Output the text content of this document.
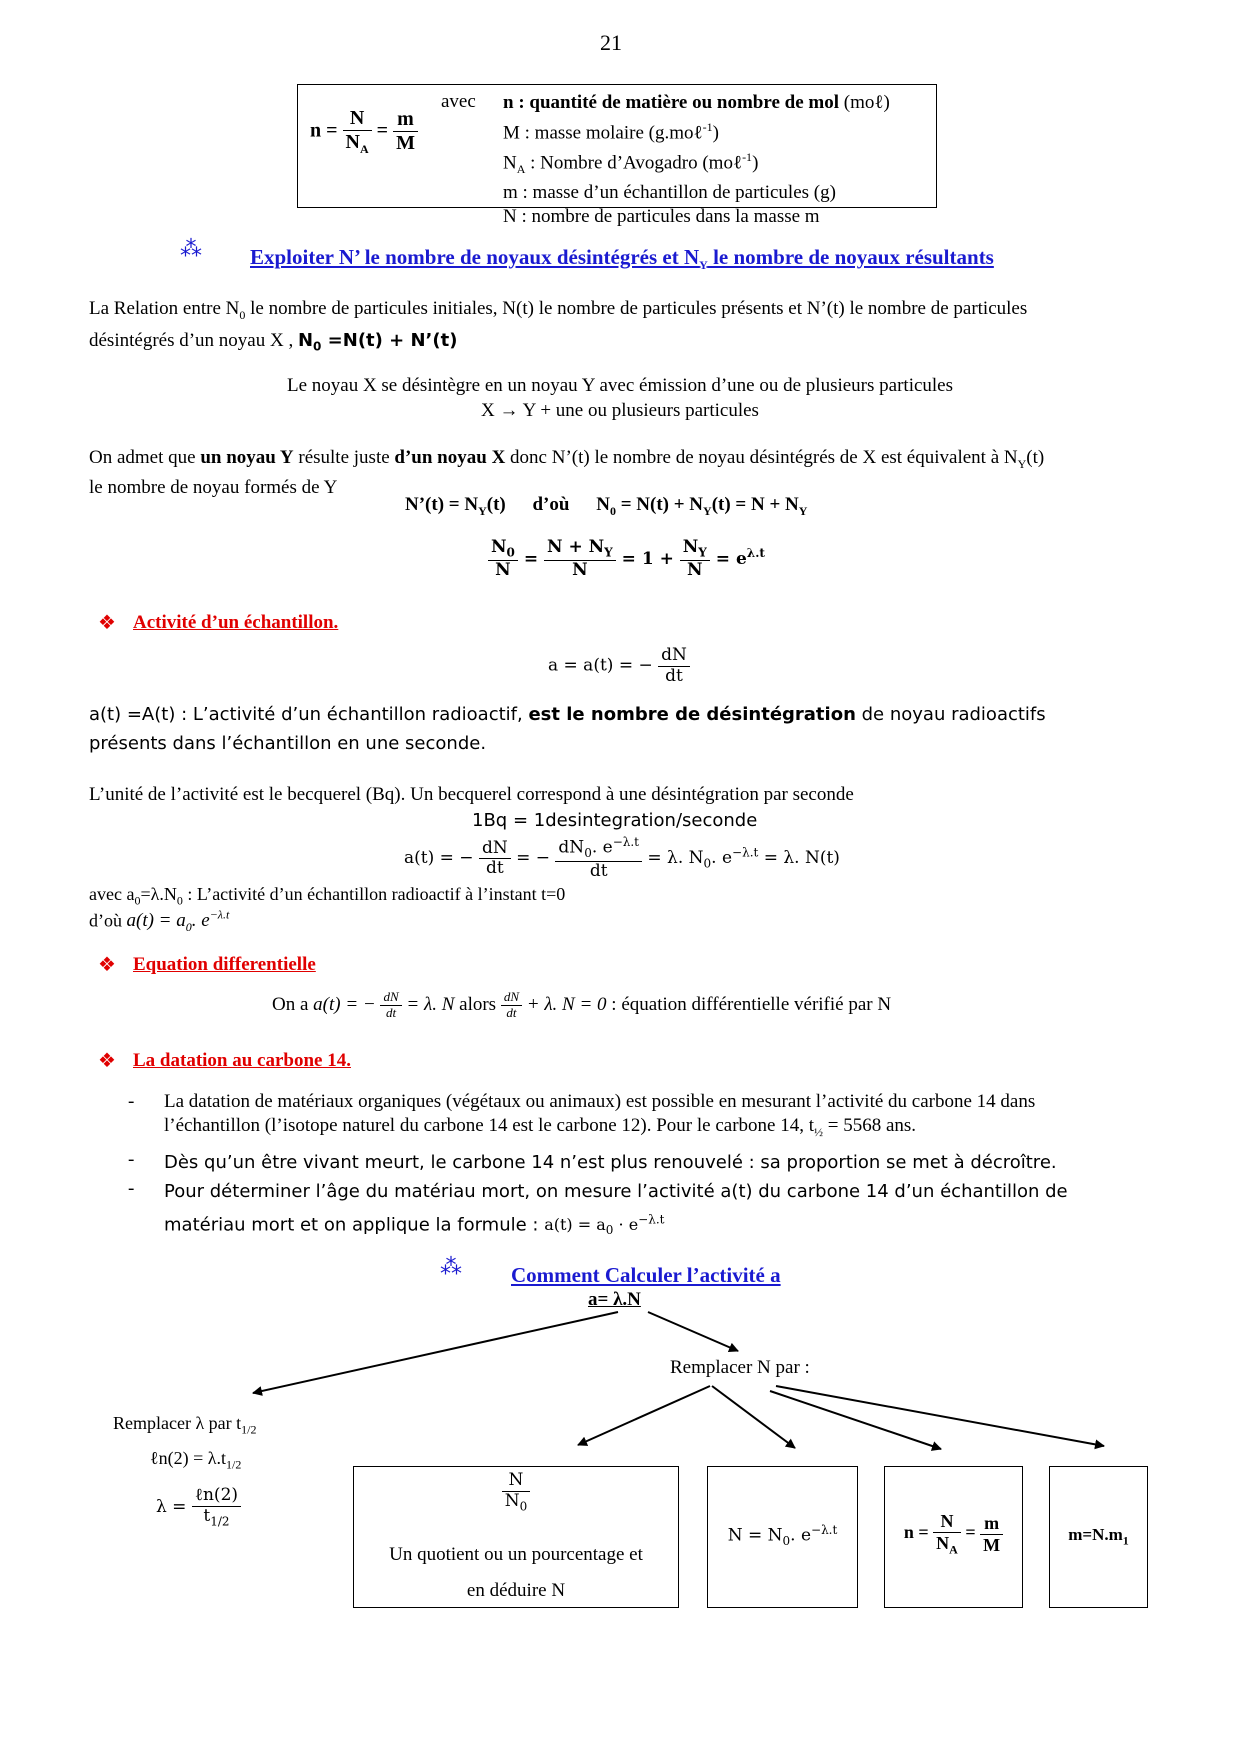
21
$n = \frac{N}{N_A} = \frac{m}{M}$
avec n : quantité de matière ou nombre de mol (moℓ)
M : masse molaire (g.moℓ$^{-1}$)
$N_A$ : Nombre d’Avogadro (moℓ$^{-1}$)
m : masse d’un échantillon de particules (g)
N : nombre de particules dans la masse m
⁂ Exploiter N’ le nombre de noyaux désintégrés et $N_Y$ le nombre de noyaux résultants
La Relation entre $N_0$ le nombre de particules initiales, N(t) le nombre de particules présents et N’(t) le nombre de particules
désintégrés d’un noyau X , $N_0 =N(t)$ + N’(t)
Le noyau X se désintègre en un noyau Y avec émission d’une ou de plusieurs particules
X → Y + une ou plusieurs particules
On admet que un noyau Y résulte juste d’un noyau X donc N’(t) le nombre de noyau désintégrés de X est équivalent à $N_Y(t)$
le nombre de noyau formés de Y
N’(t) = $N_Y(t)$ d’où $N_0 = N(t) + N_Y(t) = N + N_Y$
$\frac{N_0}{N} = \frac{N + N_Y}{N} = 1 + \frac{N_Y}{N} = e^{\lambda.t}$
❖ Activité d’un échantillon.
a = a(t) = − $\frac{dN}{dt}$
a(t) =A(t) : L’activité d’un échantillon radioactif, est le nombre de désintégration de noyau radioactifs
présents dans l’échantillon en une seconde.
L’unité de l’activité est le becquerel (Bq). Un becquerel correspond à une désintégration par seconde
1Bq = 1desintegration/seconde
a(t) = − $\frac{dN}{dt}$ = − $\frac{dN_0. e^{-\lambda.t}}{dt} = \lambda$. $N_0$. $e^{-\lambda.t} = \lambda$. N(t)
avec $a_0=\lambda.N_0$ : L’activité d’un échantillon radioactif à l’instant t=0
d’où $a(t) = a_0$. $e^{-\lambda.t}$
❖ Equation differentielle
On a a(t) = − $\frac{dN}{dt} = \lambda$. N alors $\frac{dN}{dt} + \lambda$. N = 0 : équation différentielle vérifié par N
❖ La datation au carbone 14.
- La datation de matériaux organiques (végétaux ou animaux) est possible en mesurant l’activité du carbone 14 dans
l’échantillon (l’isotope naturel du carbone 14 est le carbone 12). Pour le carbone 14, $t_{\frac{1}{2}} = 5568$ ans.
- Dès qu’un être vivant meurt, le carbone 14 n’est plus renouvelé : sa proportion se met à décroître.
- Pour déterminer l’âge du matériau mort, on mesure l’activité a(t) du carbone 14 d’un échantillon de
matériau mort et on applique la formule : $a(t) = a_0 \cdot e^{-\lambda.t}$
⁂ Comment Calculer l’activité a
a= λ.N
Remplacer N par :
Remplacer λ par $t_{1/2}$
ℓn(2) = $\lambda.t_{1/2}$
$\lambda = \frac{\text{ℓn(2)}}{t_{1/2}}$	$\frac{N}{N_0}$
Un quotient ou un pourcentage et
en déduire N
$N = N_0$. $e^{-\lambda.t}$	$n = \frac{N}{N_A} = \frac{m}{M}$	$m=N.m_1$
